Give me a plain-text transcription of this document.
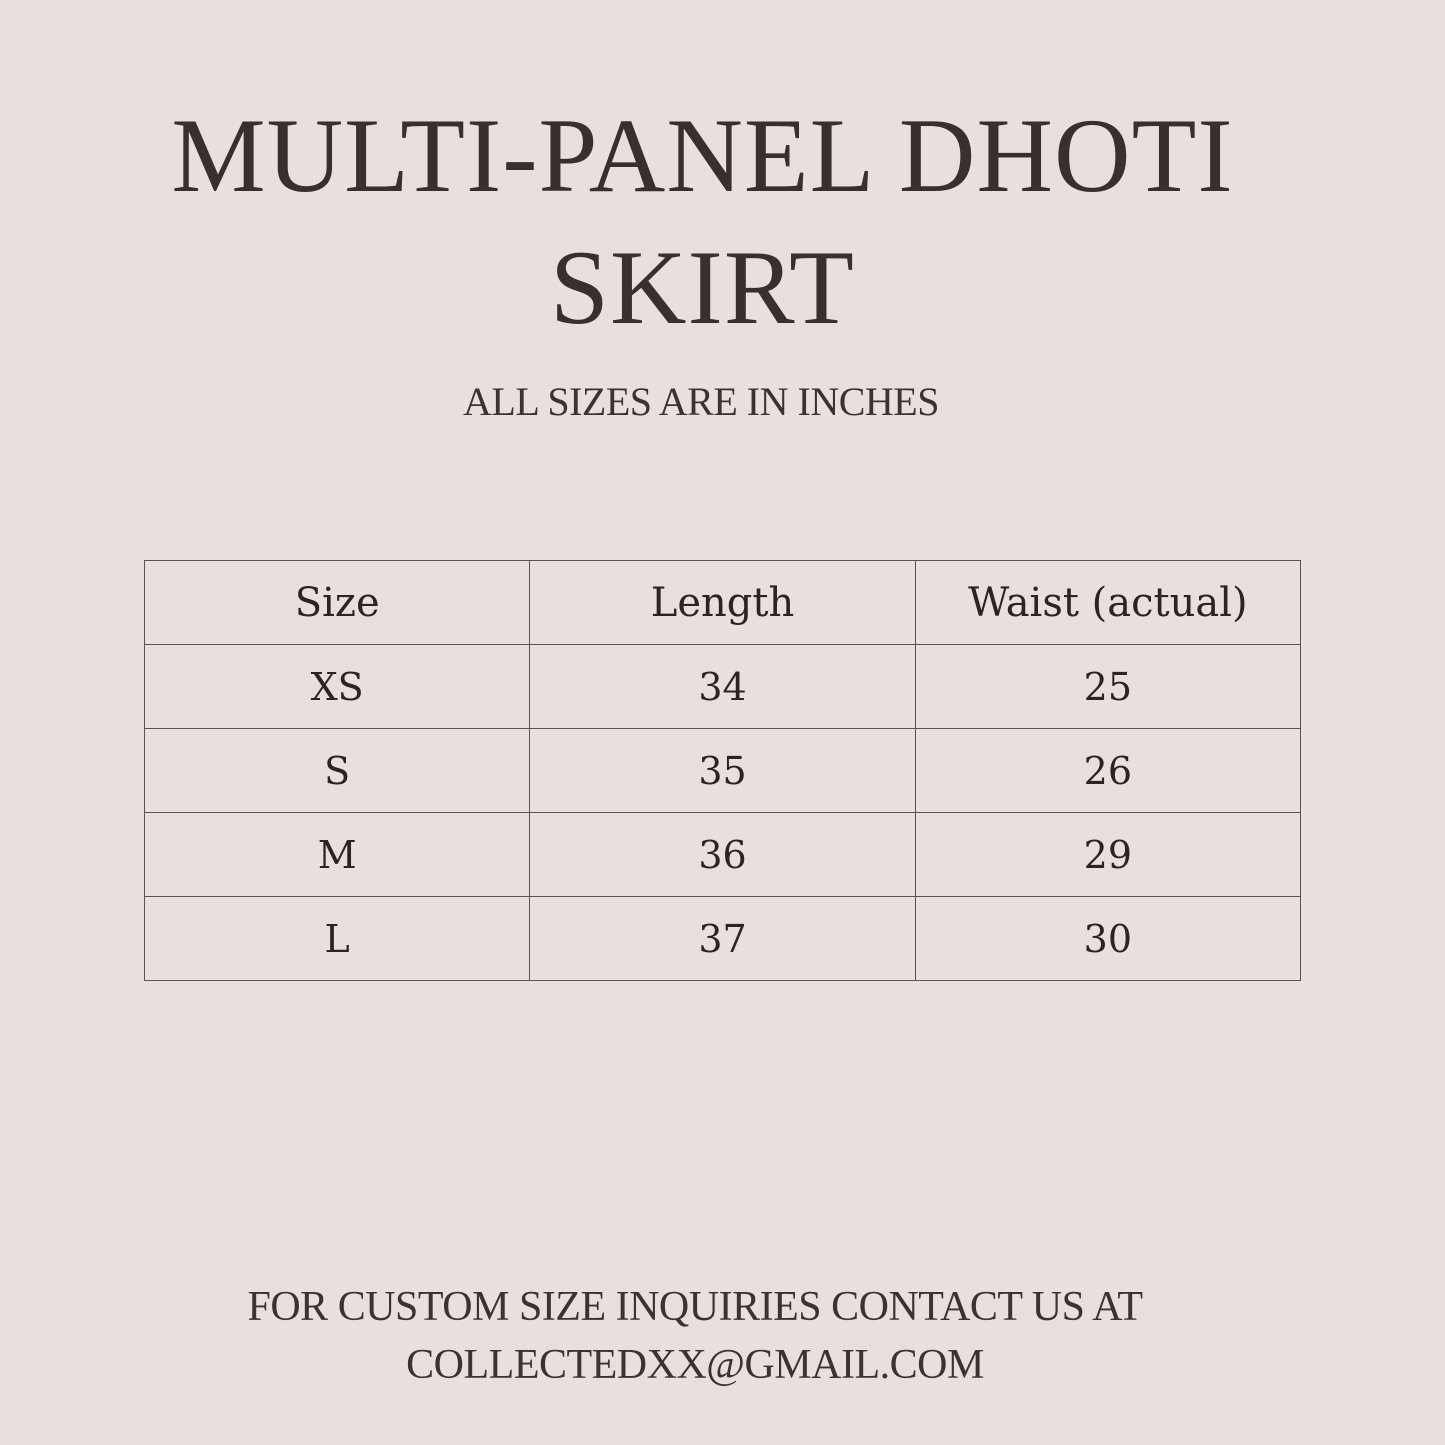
MULTI-PANEL DHOTI
SKIRT
ALL SIZES ARE IN INCHES
Size	Length	Waist (actual)
XS	34	25
S	35	26
M	36	29
L	37	30
FOR CUSTOM SIZE INQUIRIES CONTACT US AT
COLLECTEDXX@GMAIL.COM
